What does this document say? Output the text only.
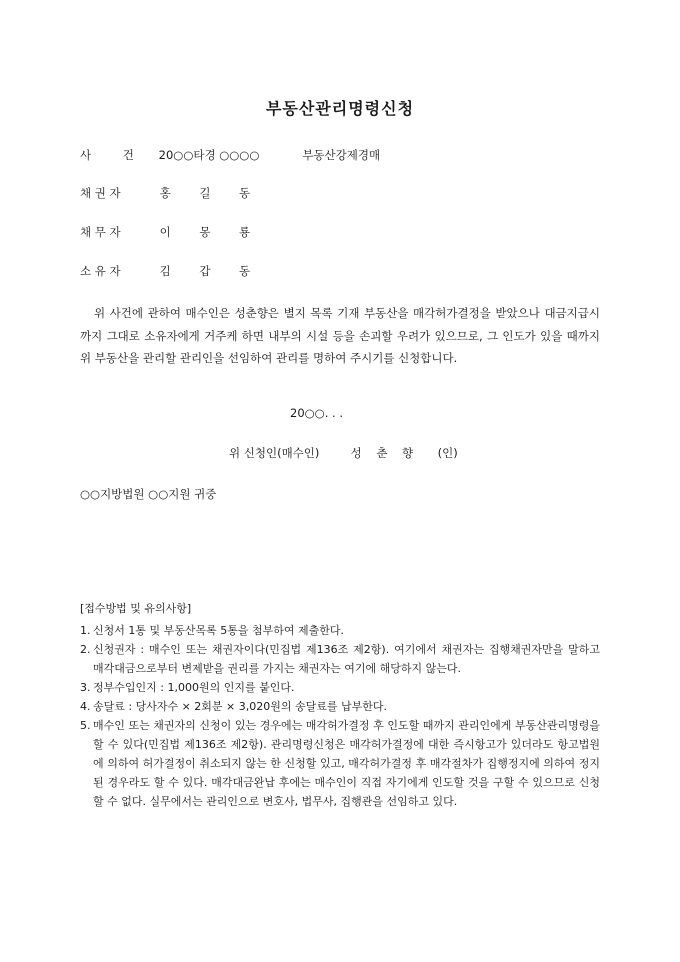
부동산관리명령신청
사 건 20○○타경 ○○○○	부동산강제경매
채 권 자	홍 길 동
채 무 자	이 몽 룡
소 유 자	김 갑 동
위 사건에 관하여 매수인은 성춘향은 별지 목록 기재 부동산을 매각허가결정을 받았으나 대금지급시까지 그대로 소유자에게 거주케 하면 내부의 시설 등을 손괴할 우려가 있으므로, 그 인도가 있을 때까지 위 부동산을 관리할 관리인을 선임하여 관리를 명하여 주시기를 신청합니다.
20○○. . .
위 신청인(매수인)	성 춘 향 (인)
○○지방법원 ○○지원 귀중
[접수방법 및 유의사항]
1. 신청서 1통 및 부동산목록 5통을 첨부하여 제출한다.
2. 신청권자 : 매수인 또는 채권자이다(민집법 제136조 제2항). 여기에서 채권자는 집행채권자만을 말하고 매각대금으로부터 변제받을 권리를 가지는 채권자는 여기에 해당하지 않는다.
3. 정부수입인지 : 1,000원의 인지를 붙인다.
4. 송달료 : 당사자수 × 2회분 × 3,020원의 송달료를 납부한다.
5. 매수인 또는 채권자의 신청이 있는 경우에는 매각허가결정 후 인도할 때까지 관리인에게 부동산관리명령을 할 수 있다(민집법 제136조 제2항). 관리명령신청은 매각허가결정에 대한 즉시항고가 있더라도 항고법원에 의하여 허가결정이 취소되지 않는 한 신청할 있고, 매각허가결정 후 매각절차가 집행정지에 의하여 정지된 경우라도 할 수 있다. 매각대금완납 후에는 매수인이 직접 자기에게 인도할 것을 구할 수 있으므로 신청할 수 없다. 실무에서는 관리인으로 변호사, 법무사, 집행관을 선임하고 있다.
